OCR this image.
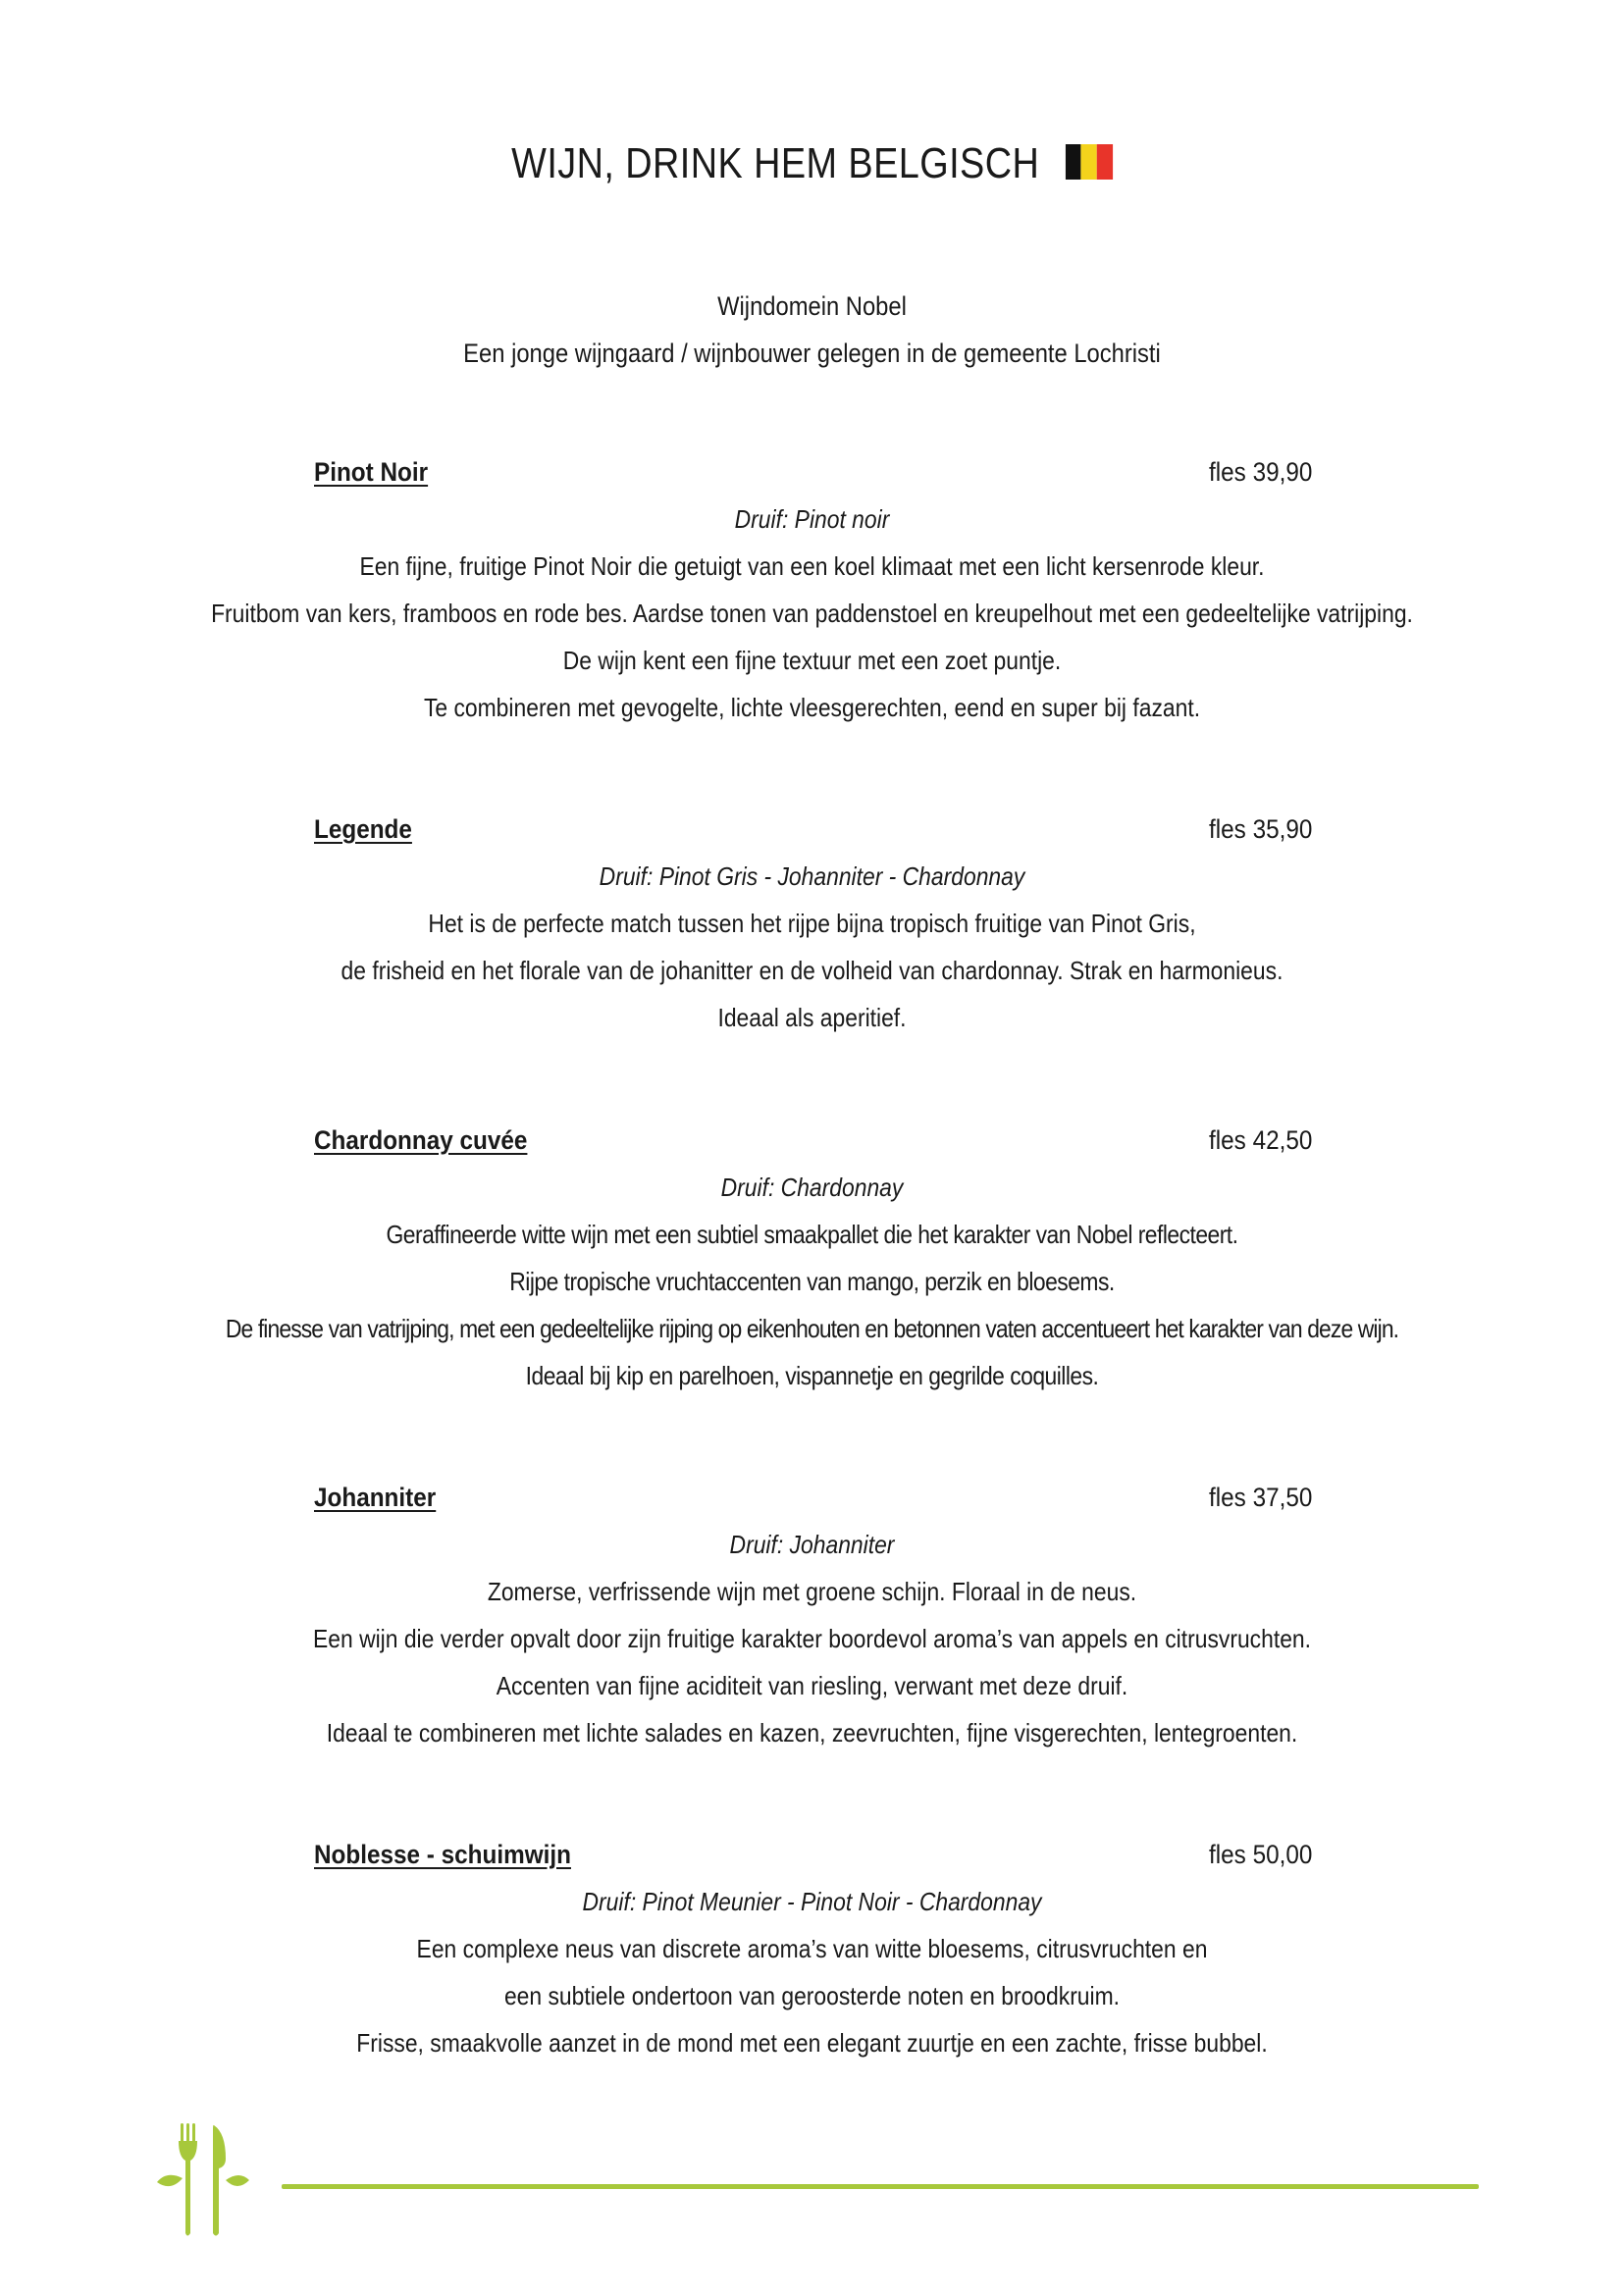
WIJN, DRINK HEM BELGISCH
Wijndomein Nobel
Een jonge wijngaard / wijnbouwer gelegen in de gemeente Lochristi
Pinot Noir	fles 39,90
Druif: Pinot noir
Een fijne, fruitige Pinot Noir die getuigt van een koel klimaat met een licht kersenrode kleur.
Fruitbom van kers, framboos en rode bes. Aardse tonen van paddenstoel en kreupelhout met een gedeeltelijke vatrijping.
De wijn kent een fijne textuur met een zoet puntje.
Te combineren met gevogelte, lichte vleesgerechten, eend en super bij fazant.
Legende	fles 35,90
Druif: Pinot Gris - Johanniter - Chardonnay
Het is de perfecte match tussen het rijpe bijna tropisch fruitige van Pinot Gris,
de frisheid en het florale van de johanitter en de volheid van chardonnay. Strak en harmonieus.
Ideaal als aperitief.
Chardonnay cuvée	fles 42,50
Druif: Chardonnay
Geraffineerde witte wijn met een subtiel smaakpallet die het karakter van Nobel reflecteert.
Rijpe tropische vruchtaccenten van mango, perzik en bloesems.
De finesse van vatrijping, met een gedeeltelijke rijping op eikenhouten en betonnen vaten accentueert het karakter van deze wijn.
Ideaal bij kip en parelhoen, vispannetje en gegrilde coquilles.
Johanniter	fles 37,50
Druif: Johanniter
Zomerse, verfrissende wijn met groene schijn. Floraal in de neus.
Een wijn die verder opvalt door zijn fruitige karakter boordevol aroma’s van appels en citrusvruchten.
Accenten van fijne aciditeit van riesling, verwant met deze druif.
Ideaal te combineren met lichte salades en kazen, zeevruchten, fijne visgerechten, lentegroenten.
Noblesse - schuimwijn	fles 50,00
Druif: Pinot Meunier - Pinot Noir - Chardonnay
Een complexe neus van discrete aroma’s van witte bloesems, citrusvruchten en
een subtiele ondertoon van geroosterde noten en broodkruim.
Frisse, smaakvolle aanzet in de mond met een elegant zuurtje en een zachte, frisse bubbel.
